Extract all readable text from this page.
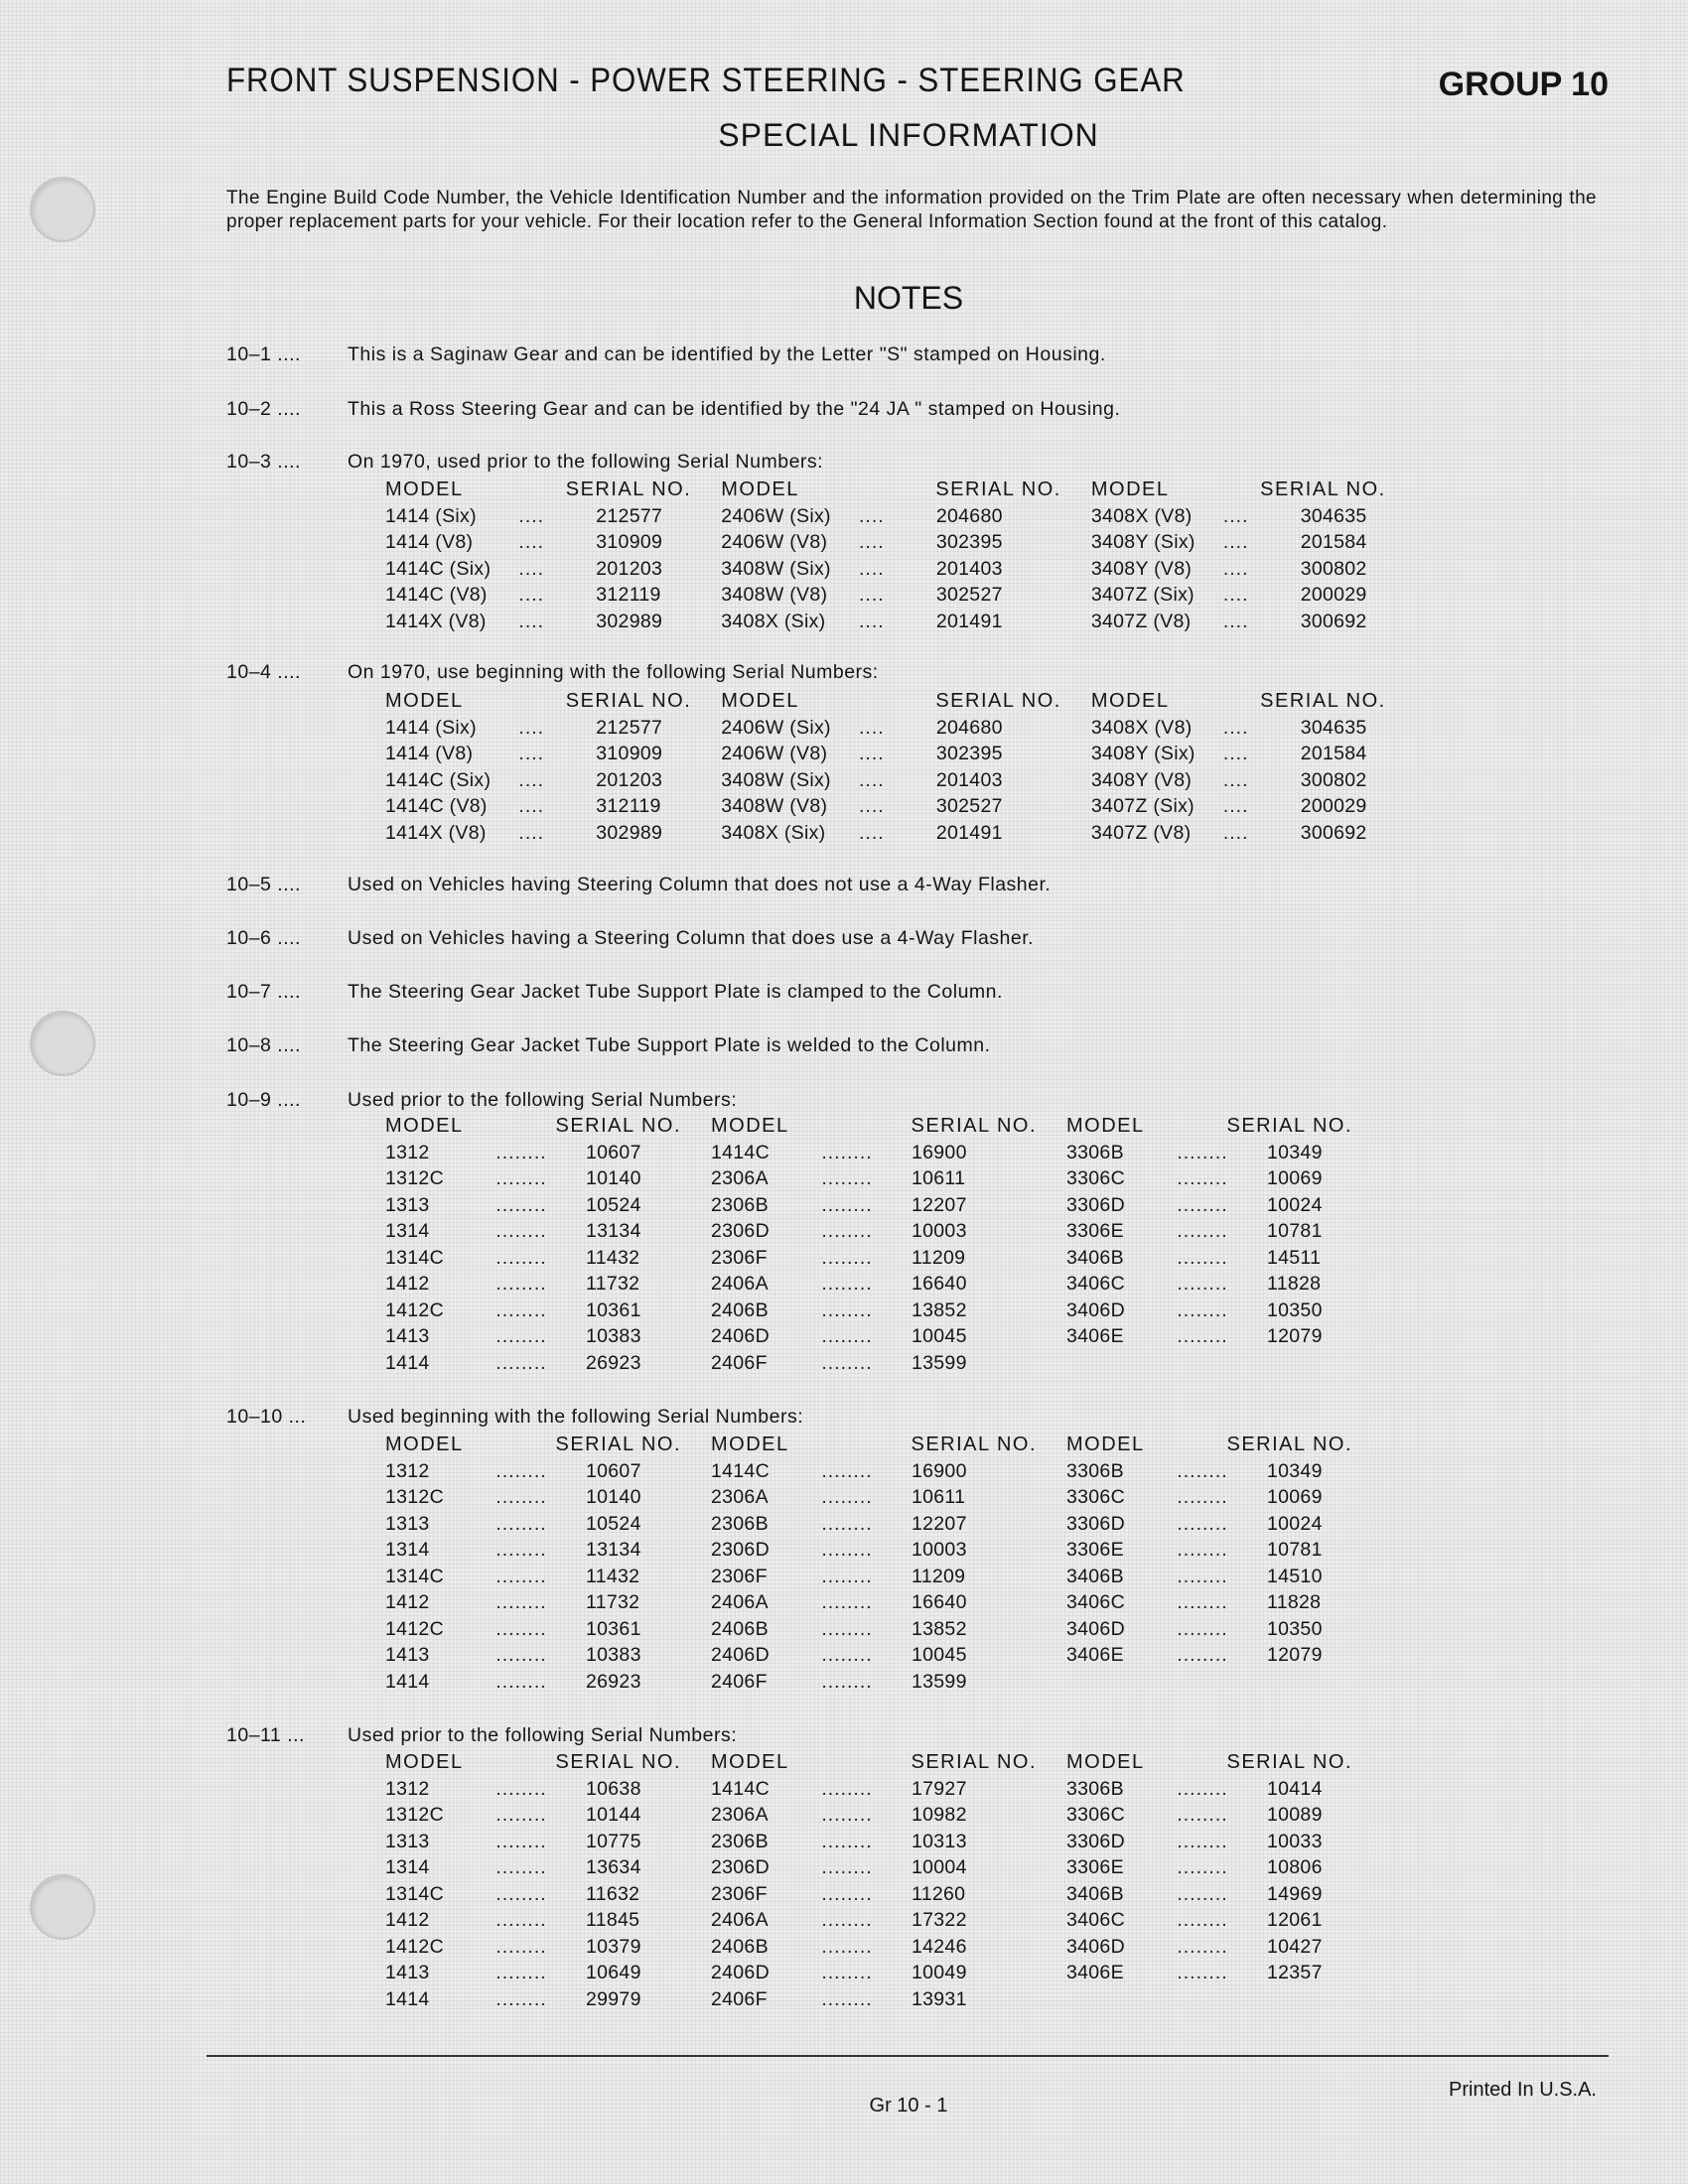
FRONT SUSPENSION - POWER STEERING - STEERING GEAR	GROUP 10
SPECIAL INFORMATION
The Engine Build Code Number, the Vehicle Identification Number and the information provided on the Trim Plate are often necessary when determining the proper replacement parts for your vehicle. For their location refer to the General Information Section found at the front of this catalog.
NOTES
10–1 .... This is a Saginaw Gear and can be identified by the Letter "S" stamped on Housing.
10–2 .... This a Ross Steering Gear and can be identified by the "24 JA " stamped on Housing.
10–3 .... On 1970, used prior to the following Serial Numbers:
MODEL	SERIAL NO.		MODEL	SERIAL NO.		MODEL	SERIAL NO.	
1414 (Six)	....	212577	2406W (Six)	....	204680	3408X (V8)	....	304635
1414 (V8)	....	310909	2406W (V8)	....	302395	3408Y (Six)	....	201584
1414C (Six)	....	201203	3408W (Six)	....	201403	3408Y (V8)	....	300802
1414C (V8)	....	312119	3408W (V8)	....	302527	3407Z (Six)	....	200029
1414X (V8)	....	302989	3408X (Six)	....	201491	3407Z (V8)	....	300692
10–4 .... On 1970, use beginning with the following Serial Numbers:
MODEL	SERIAL NO.		MODEL	SERIAL NO.		MODEL	SERIAL NO.	
1414 (Six)	....	212577	2406W (Six)	....	204680	3408X (V8)	....	304635
1414 (V8)	....	310909	2406W (V8)	....	302395	3408Y (Six)	....	201584
1414C (Six)	....	201203	3408W (Six)	....	201403	3408Y (V8)	....	300802
1414C (V8)	....	312119	3408W (V8)	....	302527	3407Z (Six)	....	200029
1414X (V8)	....	302989	3408X (Six)	....	201491	3407Z (V8)	....	300692
10–5 .... Used on Vehicles having Steering Column that does not use a 4-Way Flasher.
10–6 .... Used on Vehicles having a Steering Column that does use a 4-Way Flasher.
10–7 .... The Steering Gear Jacket Tube Support Plate is clamped to the Column.
10–8 .... The Steering Gear Jacket Tube Support Plate is welded to the Column.
10–9 .... Used prior to the following Serial Numbers:
MODEL	SERIAL NO.		MODEL	SERIAL NO.		MODEL	SERIAL NO.	
1312	........	10607	1414C	........	16900	3306B	........	10349
1312C	........	10140	2306A	........	10611	3306C	........	10069
1313	........	10524	2306B	........	12207	3306D	........	10024
1314	........	13134	2306D	........	10003	3306E	........	10781
1314C	........	11432	2306F	........	11209	3406B	........	14511
1412	........	11732	2406A	........	16640	3406C	........	11828
1412C	........	10361	2406B	........	13852	3406D	........	10350
1413	........	10383	2406D	........	10045	3406E	........	12079
1414	........	26923	2406F	........	13599			
10–10 ... Used beginning with the following Serial Numbers:
MODEL	SERIAL NO.		MODEL	SERIAL NO.		MODEL	SERIAL NO.	
1312	........	10607	1414C	........	16900	3306B	........	10349
1312C	........	10140	2306A	........	10611	3306C	........	10069
1313	........	10524	2306B	........	12207	3306D	........	10024
1314	........	13134	2306D	........	10003	3306E	........	10781
1314C	........	11432	2306F	........	11209	3406B	........	14510
1412	........	11732	2406A	........	16640	3406C	........	11828
1412C	........	10361	2406B	........	13852	3406D	........	10350
1413	........	10383	2406D	........	10045	3406E	........	12079
1414	........	26923	2406F	........	13599			
10–11 ... Used prior to the following Serial Numbers:
MODEL	SERIAL NO.		MODEL	SERIAL NO.		MODEL	SERIAL NO.	
1312	........	10638	1414C	........	17927	3306B	........	10414
1312C	........	10144	2306A	........	10982	3306C	........	10089
1313	........	10775	2306B	........	10313	3306D	........	10033
1314	........	13634	2306D	........	10004	3306E	........	10806
1314C	........	11632	2306F	........	11260	3406B	........	14969
1412	........	11845	2406A	........	17322	3406C	........	12061
1412C	........	10379	2406B	........	14246	3406D	........	10427
1413	........	10649	2406D	........	10049	3406E	........	12357
1414	........	29979	2406F	........	13931			
Printed In U.S.A.
Gr 10 - 1
